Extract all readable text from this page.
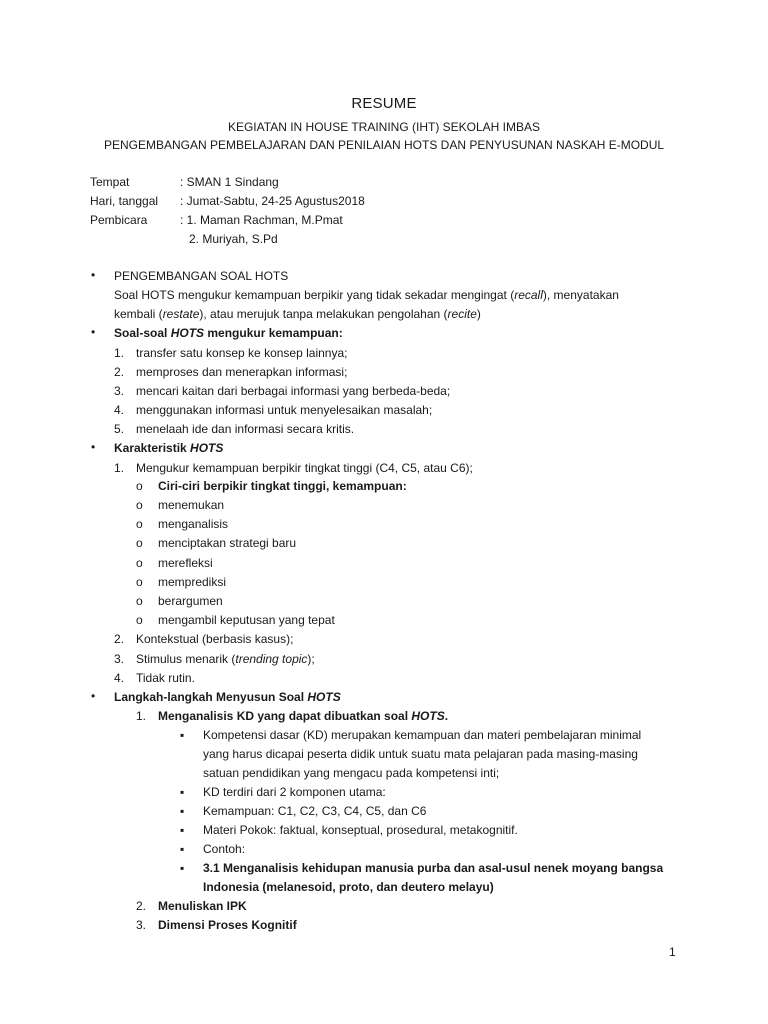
RESUME
KEGIATAN IN HOUSE TRAINING (IHT) SEKOLAH IMBAS
PENGEMBANGAN PEMBELAJARAN DAN PENILAIAN HOTS DAN PENYUSUNAN NASKAH E-MODUL
Tempat	: SMAN 1 Sindang
Hari, tanggal : Jumat-Sabtu, 24-25 Agustus2018
Pembicara	: 1. Maman Rachman, M.Pmat
2. Muriyah, S.Pd
• PENGEMBANGAN SOAL HOTS
Soal HOTS mengukur kemampuan berpikir yang tidak sekadar mengingat (recall), menyatakan
kembali (restate), atau merujuk tanpa melakukan pengolahan (recite)
• Soal-soal HOTS mengukur kemampuan:
1. transfer satu konsep ke konsep lainnya;
2. memproses dan menerapkan informasi;
3. mencari kaitan dari berbagai informasi yang berbeda-beda;
4. menggunakan informasi untuk menyelesaikan masalah;
5. menelaah ide dan informasi secara kritis.
• Karakteristik HOTS
1. Mengukur kemampuan berpikir tingkat tinggi (C4, C5, atau C6);
o Ciri-ciri berpikir tingkat tinggi, kemampuan:
o menemukan
o menganalisis
o menciptakan strategi baru
o merefleksi
o memprediksi
o berargumen
o mengambil keputusan yang tepat
2. Kontekstual (berbasis kasus);
3. Stimulus menarik (trending topic);
4. Tidak rutin.
• Langkah-langkah Menyusun Soal HOTS
1. Menganalisis KD yang dapat dibuatkan soal HOTS.
▪ Kompetensi dasar (KD) merupakan kemampuan dan materi pembelajaran minimal
yang harus dicapai peserta didik untuk suatu mata pelajaran pada masing-masing
satuan pendidikan yang mengacu pada kompetensi inti;
▪ KD terdiri dari 2 komponen utama:
▪ Kemampuan: C1, C2, C3, C4, C5, dan C6
▪ Materi Pokok: faktual, konseptual, prosedural, metakognitif.
▪ Contoh:
▪ 3.1 Menganalisis kehidupan manusia purba dan asal-usul nenek moyang bangsa
Indonesia (melanesoid, proto, dan deutero melayu)
2. Menuliskan IPK
3. Dimensi Proses Kognitif
1
